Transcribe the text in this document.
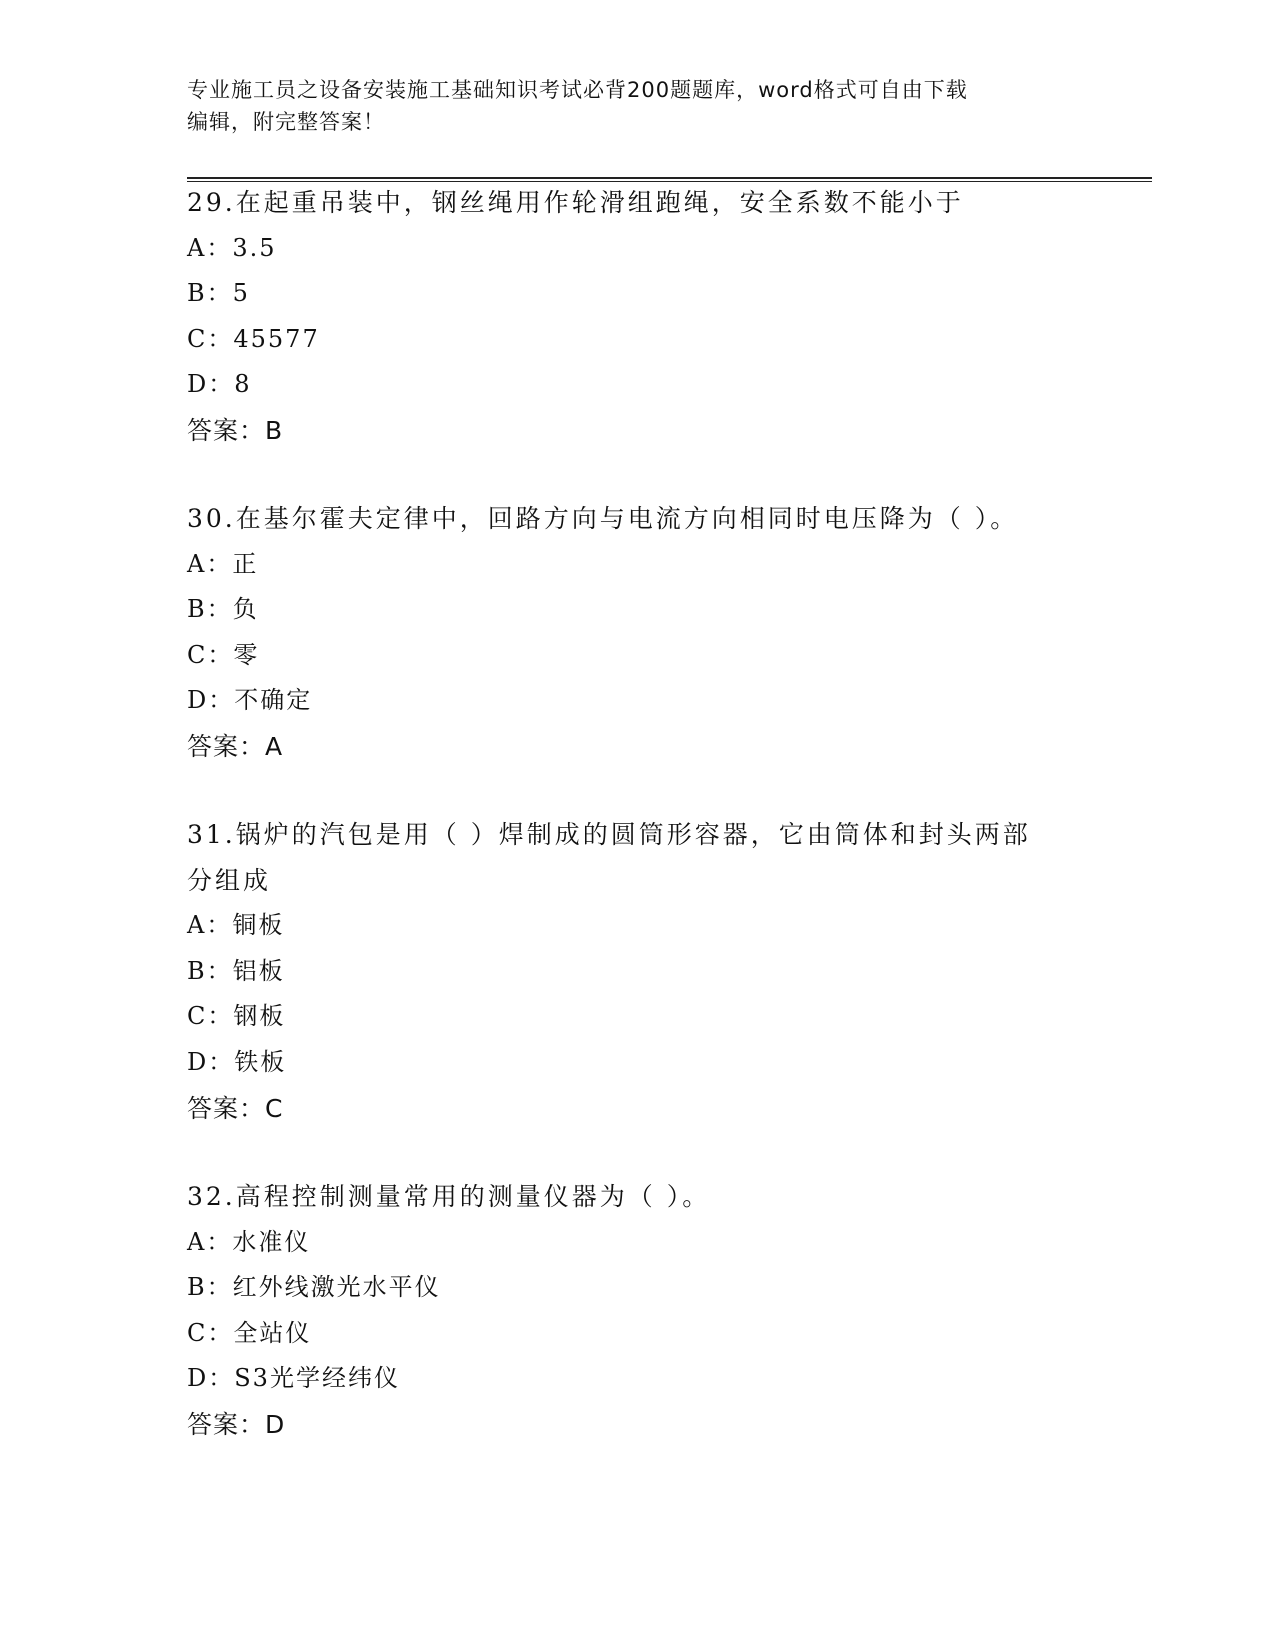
专业施工员之设备安装施工基础知识考试必背200题题库，word格式可自由下载
编辑，附完整答案！

29.在起重吊装中，钢丝绳用作轮滑组跑绳，安全系数不能小于

A：3.5

B：5

C：45577

D：8

答案：B

30.在基尔霍夫定律中，回路方向与电流方向相同时电压降为（ ）。

A：正

B：负

C：零

D：不确定

答案：A

31.锅炉的汽包是用（ ）焊制成的圆筒形容器，它由筒体和封头两部

分组成

A：铜板

B：铝板

C：钢板

D：铁板

答案：C

32.高程控制测量常用的测量仪器为（ ）。

A：水准仪

B：红外线激光水平仪

C：全站仪

D：S3光学经纬仪

答案：D
